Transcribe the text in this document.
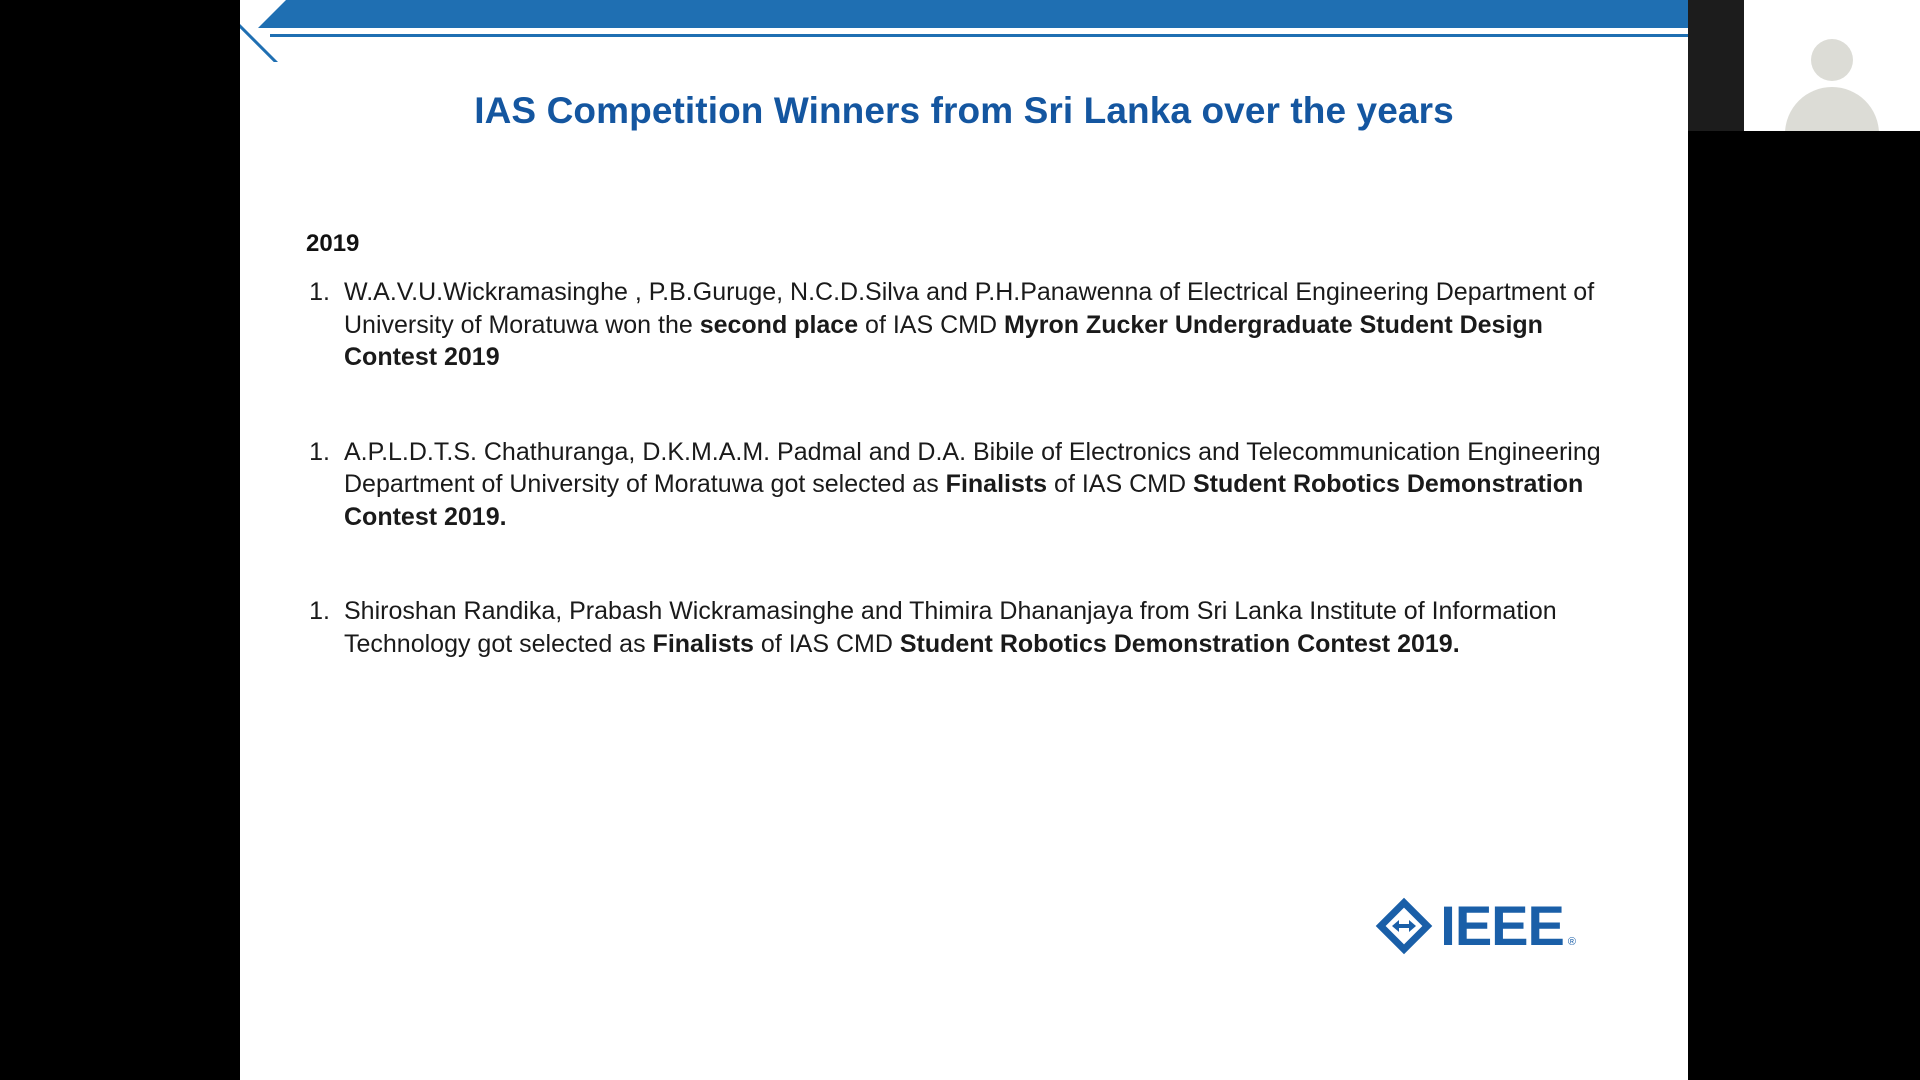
IAS Competition Winners from Sri Lanka over the years
2019
1. W.A.V.U.Wickramasinghe , P.B.Guruge, N.C.D.Silva and P.H.Panawenna of Electrical Engineering Department of University of Moratuwa won the second place of IAS CMD Myron Zucker Undergraduate Student Design Contest 2019
1. A.P.L.D.T.S. Chathuranga, D.K.M.A.M. Padmal and D.A. Bibile of Electronics and Telecommunication Engineering Department of University of Moratuwa got selected as Finalists of IAS CMD Student Robotics Demonstration Contest 2019.
1. Shiroshan Randika, Prabash Wickramasinghe and Thimira Dhananjaya from Sri Lanka Institute of Information Technology got selected as Finalists of IAS CMD Student Robotics Demonstration Contest 2019.
IEEE ®
